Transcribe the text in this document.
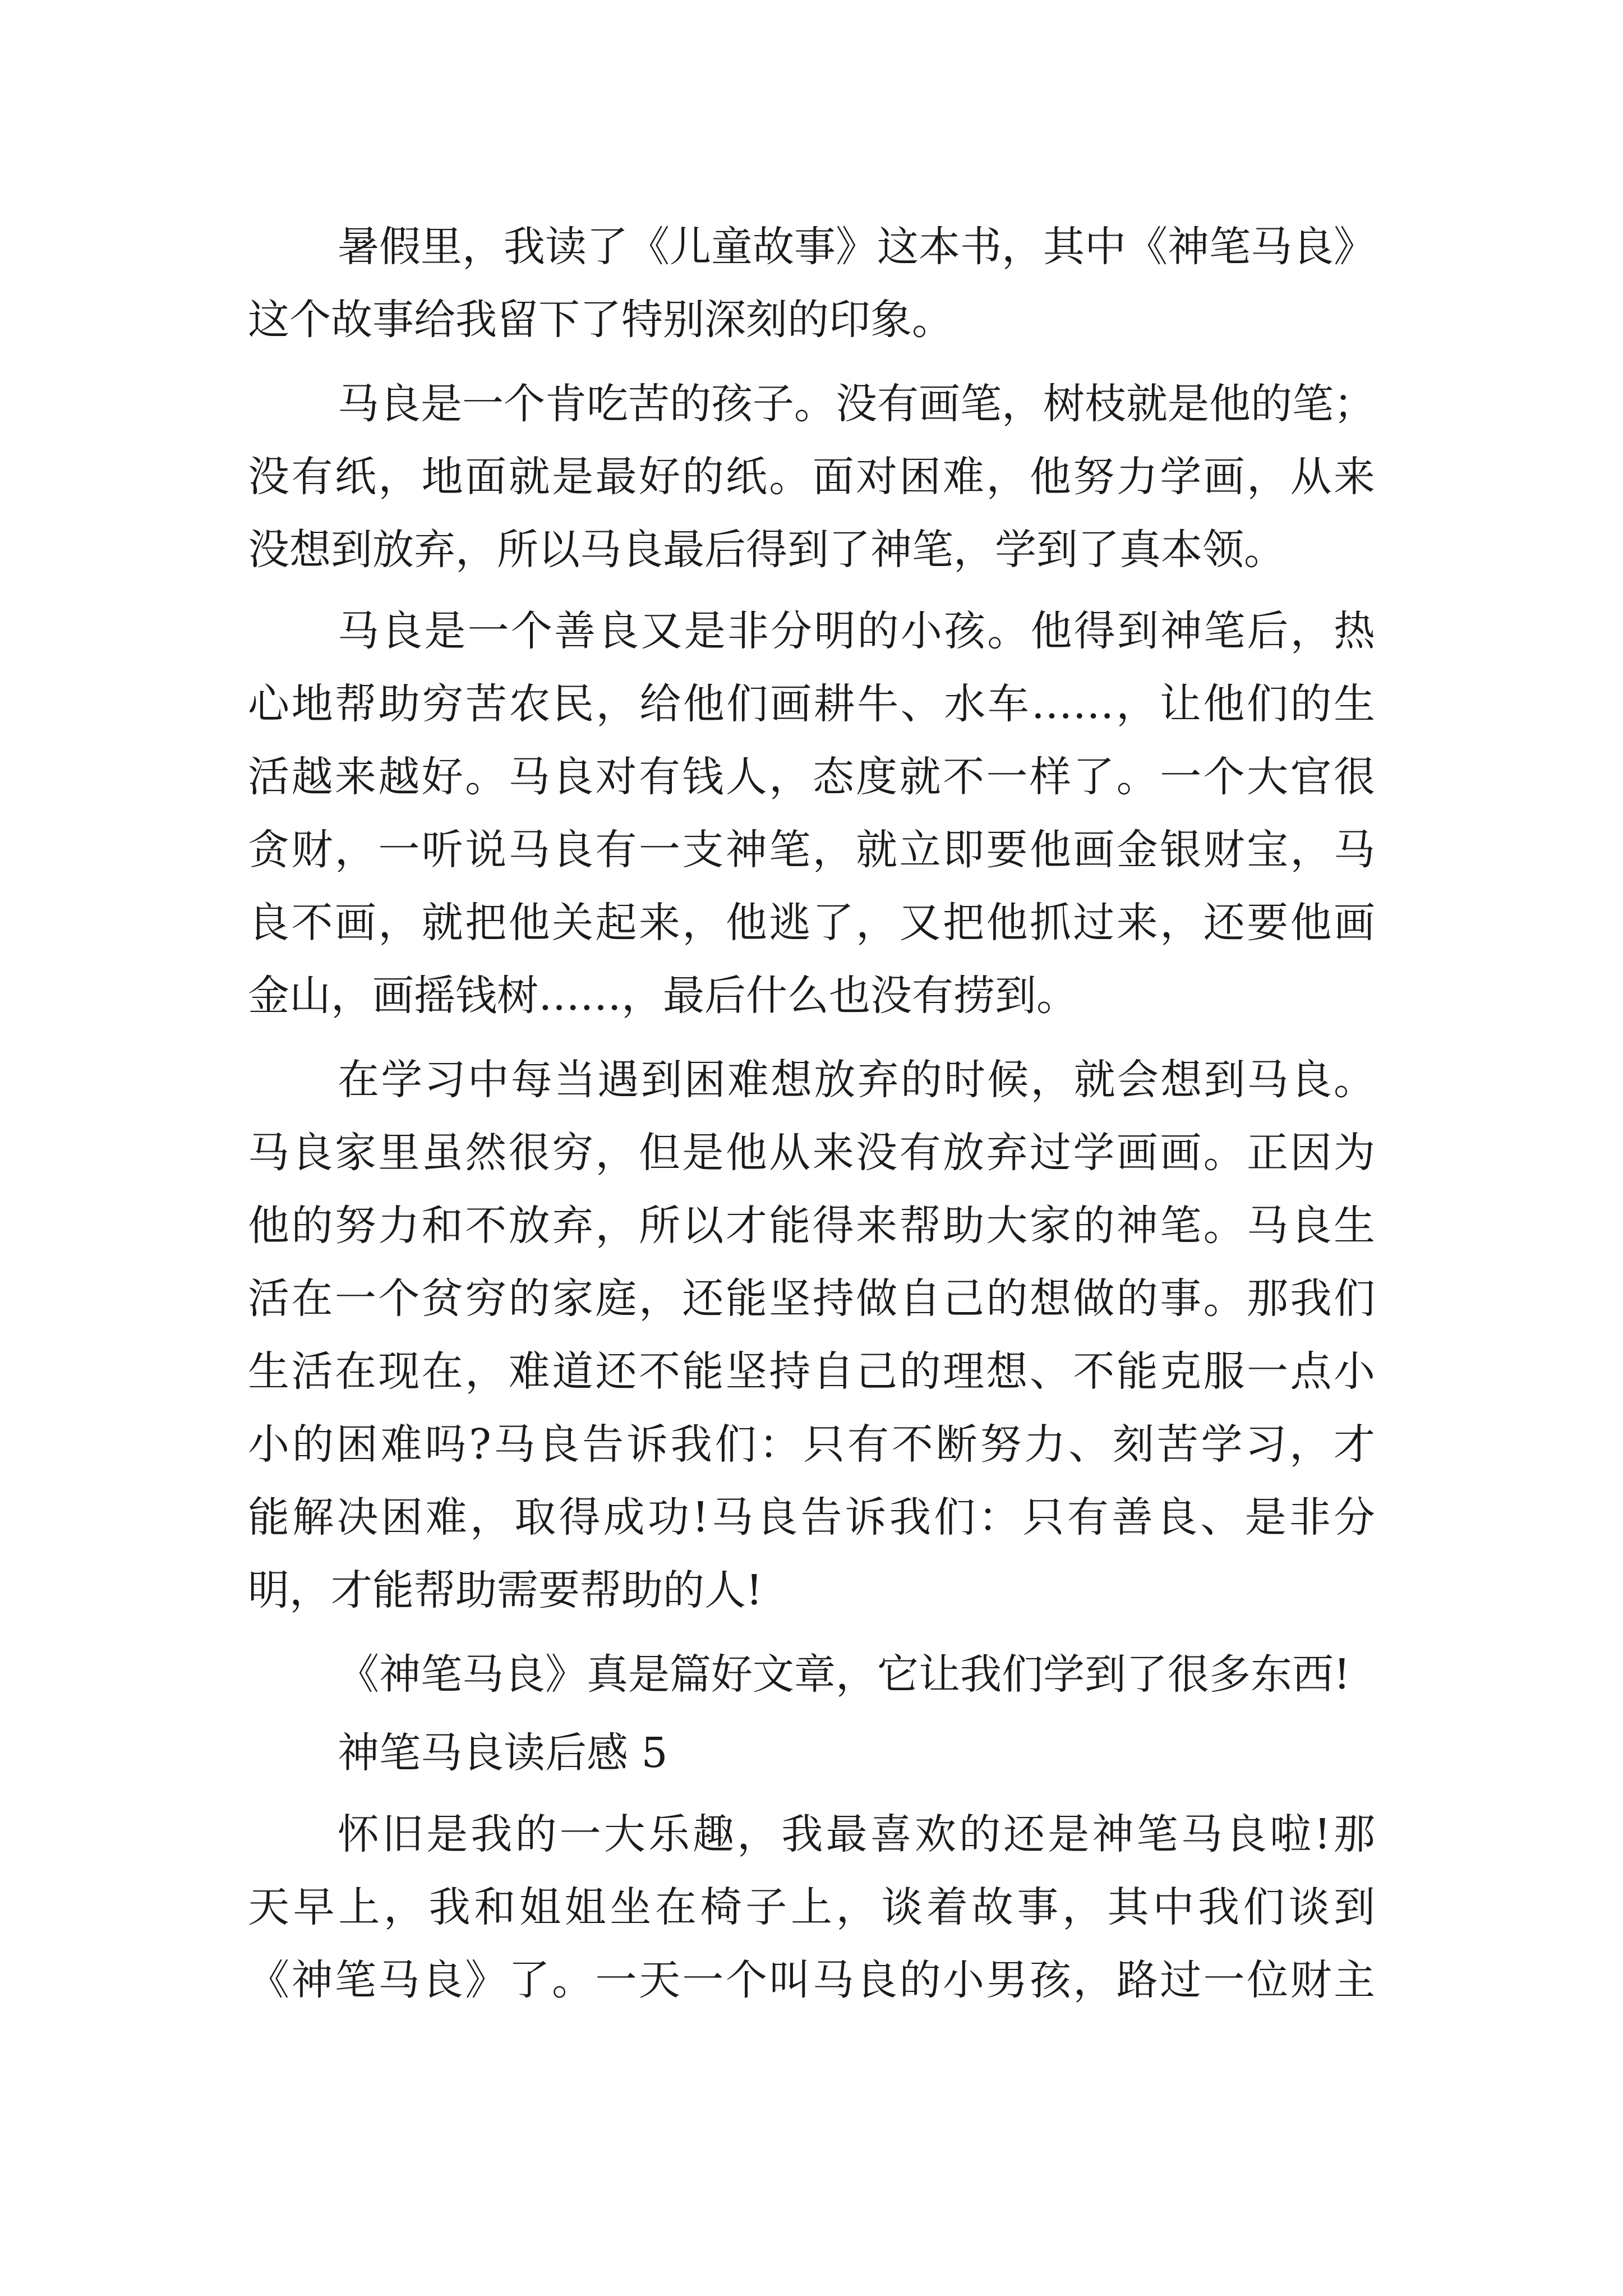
暑假里，我读了《儿童故事》这本书，其中《神笔马良》

这个故事给我留下了特别深刻的印象。

马良是一个肯吃苦的孩子。没有画笔，树枝就是他的笔；

没有纸，地面就是最好的纸。面对困难，他努力学画，从来

没想到放弃，所以马良最后得到了神笔，学到了真本领。

马良是一个善良又是非分明的小孩。他得到神笔后，热

心地帮助穷苦农民，给他们画耕牛、水车……，让他们的生

活越来越好。马良对有钱人，态度就不一样了。一个大官很

贪财，一听说马良有一支神笔，就立即要他画金银财宝，马

良不画，就把他关起来，他逃了，又把他抓过来，还要他画

金山，画摇钱树……，最后什么也没有捞到。

在学习中每当遇到困难想放弃的时候，就会想到马良。

马良家里虽然很穷，但是他从来没有放弃过学画画。正因为

他的努力和不放弃，所以才能得来帮助大家的神笔。马良生

活在一个贫穷的家庭，还能坚持做自己的想做的事。那我们

生活在现在，难道还不能坚持自己的理想、不能克服一点小

小的困难吗?马良告诉我们：只有不断努力、刻苦学习，才

能解决困难，取得成功!马良告诉我们：只有善良、是非分

明，才能帮助需要帮助的人!

《神笔马良》真是篇好文章，它让我们学到了很多东西!

神笔马良读后感 5

怀旧是我的一大乐趣，我最喜欢的还是神笔马良啦!那

天早上，我和姐姐坐在椅子上，谈着故事，其中我们谈到

《神笔马良》了。一天一个叫马良的小男孩，路过一位财主
